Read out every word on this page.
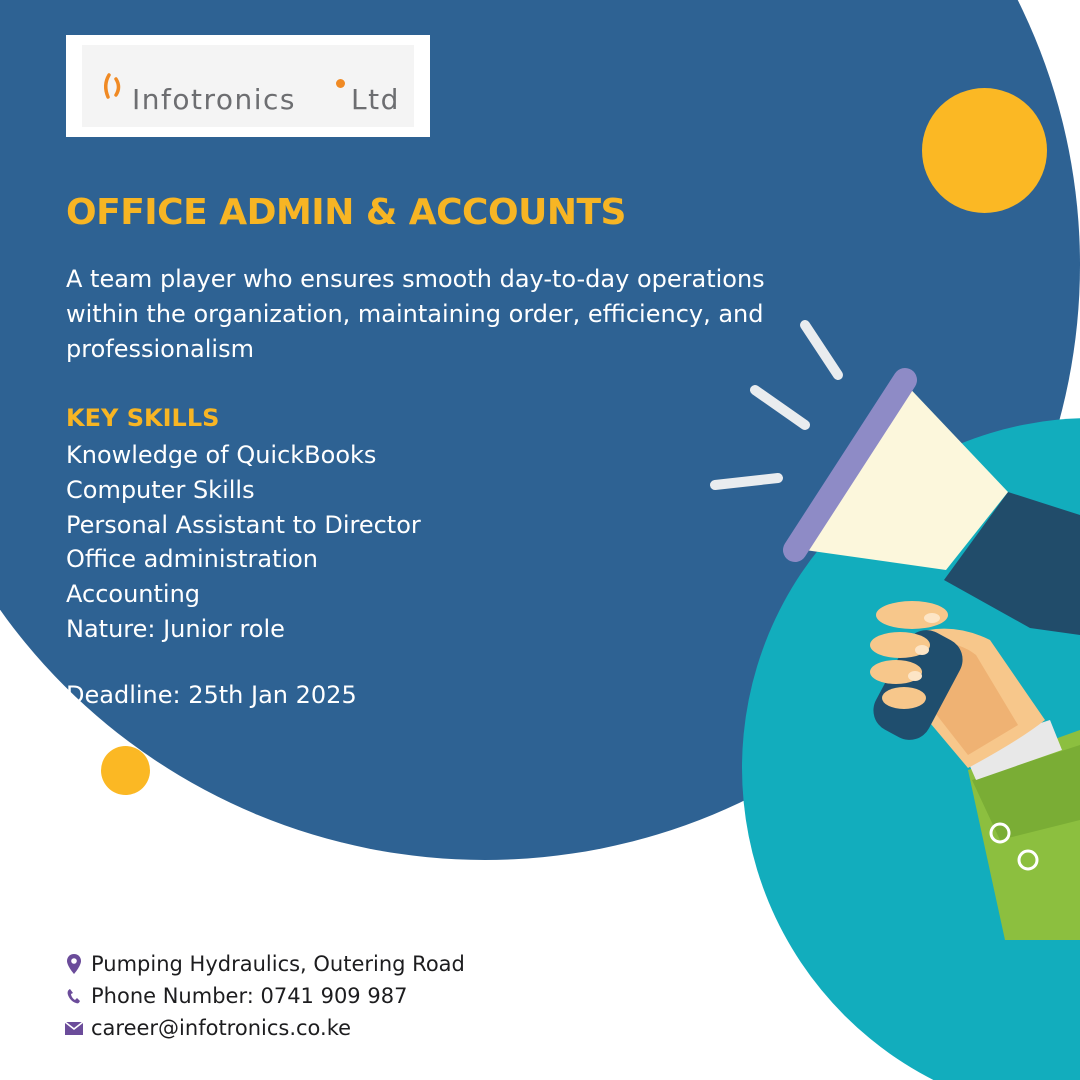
Infotronics Ltd
OFFICE ADMIN & ACCOUNTS

A team player who ensures smooth day-to-day operations within the organization, maintaining order, efficiency, and professionalism

KEY SKILLS
Knowledge of QuickBooks
Computer Skills
Personal Assistant to Director
Office administration
Accounting
Nature: Junior role
Deadline: 25th Jan 2025
Pumping Hydraulics, Outering Road
Phone Number: 0741 909 987
career@infotronics.co.ke
